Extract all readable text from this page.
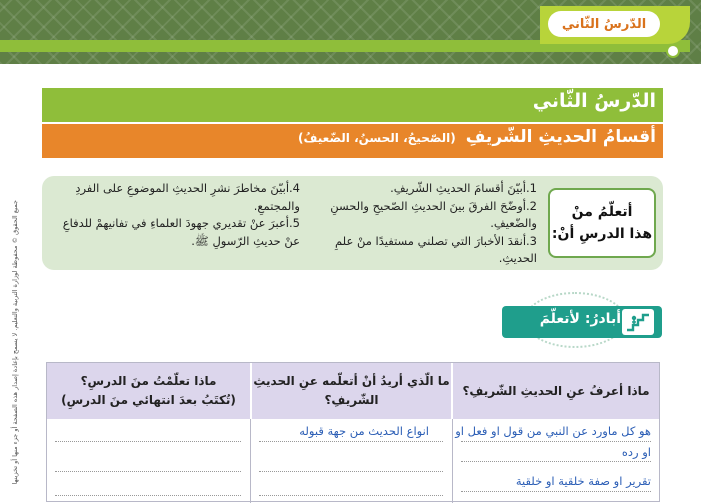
الدّرسُ الثّاني
جميع الحقوق © محفوظة لوزارة التربية والتعليم. لا يسمح بإعادة إصدار هذه الصفحة أو جزء منها أو تخزينها
الدّرسُ الثّاني
أقسامُ الحديثِ الشّريفِ (الصّحيحُ، الحسنُ، الضّعيفُ)
أتعلّمُ منْ
هذا الدرسِ أنْ:

1.أبيّنَ أقسامَ الحديثِ الشّريفِ.

2.أوضّحَ الفرقَ بينَ الحديثِ الصّحيحِ والحسنِ والضّعيفِ.

3.أنقدَ الأخبارَ التي تصلني مستفيدًا منْ علمِ الحديثِ.

4.أبيّنَ مخاطرَ نشرِ الحديثِ الموضوعِ على الفردِ والمجتمعِ.

5.أعبرَ عنْ تقديري جهودَ العلماءِ في تفانيهمْ للدفاعِ عنْ حديثِ الرّسولِ ﷺ.

أبادرُ: لأتعلّمَ
ماذا أعرفُ عنِ الحديثِ الشّريفِ؟
ما الّذي أريدُ أنْ أتعلّمه عنِ الحديثِ
الشّريفِ؟
ماذا تعلّمْتُ منَ الدرسِ؟
(تُكتَبُ بعدَ انتهائي منَ الدرسِ)
هو كل ماورد عن النبي من قول او فعل او
او رده
تقرير او صفة خلقية او خلقية
انواع الحديث من جهة قبوله
